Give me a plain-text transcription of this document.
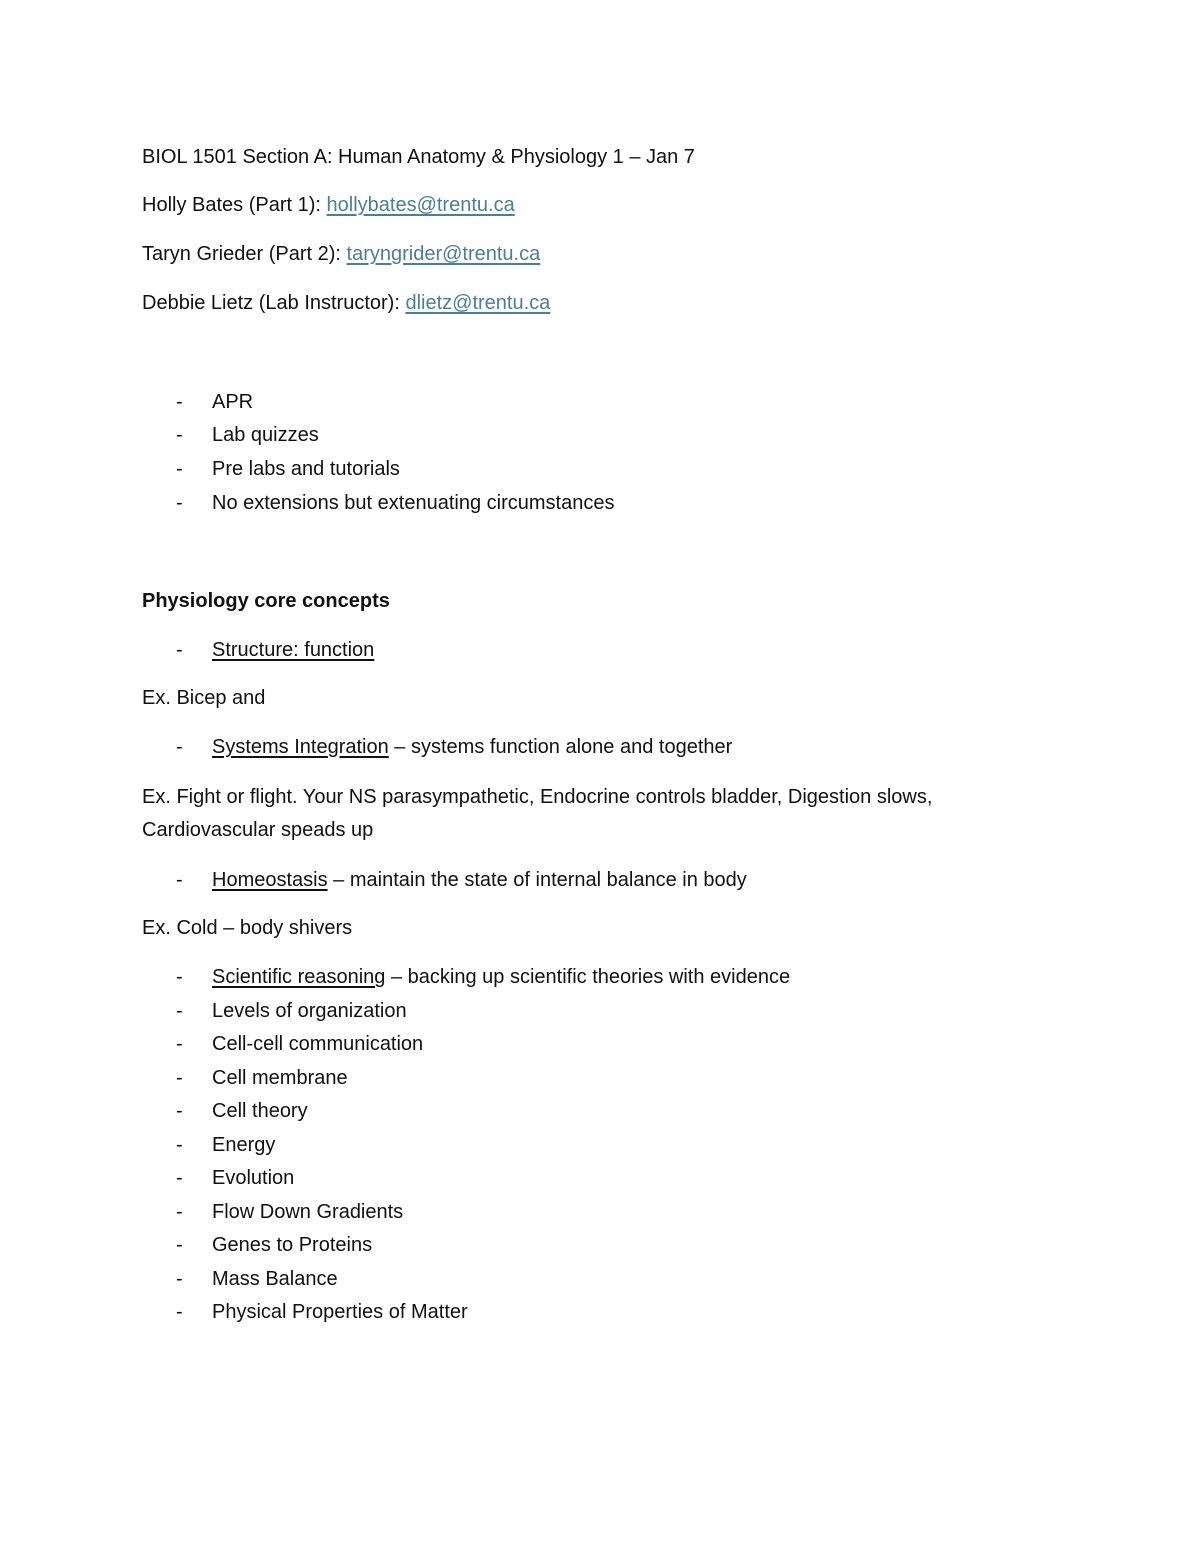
BIOL 1501 Section A: Human Anatomy & Physiology 1 – Jan 7
Holly Bates (Part 1): hollybates@trentu.ca
Taryn Grieder (Part 2): taryngrider@trentu.ca
Debbie Lietz (Lab Instructor): dlietz@trentu.ca
- APR
- Lab quizzes
- Pre labs and tutorials
- No extensions but extenuating circumstances
Physiology core concepts
- Structure: function
Ex. Bicep and
- Systems Integration – systems function alone and together
Ex. Fight or flight. Your NS parasympathetic, Endocrine controls bladder, Digestion slows,
Cardiovascular speads up
- Homeostasis – maintain the state of internal balance in body
Ex. Cold – body shivers
- Scientific reasoning – backing up scientific theories with evidence
- Levels of organization
- Cell-cell communication
- Cell membrane
- Cell theory
- Energy
- Evolution
- Flow Down Gradients
- Genes to Proteins
- Mass Balance
- Physical Properties of Matter
